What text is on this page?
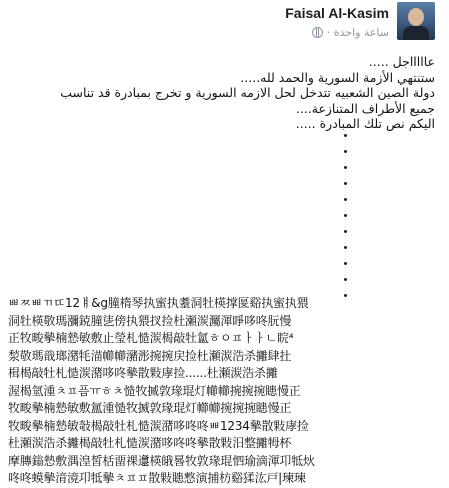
Faisal Al-Kasim
ساعة واحدة ·
عاااااجل .....
ستنتهي الأزمة السورية والحمد لله.....
دولة الصين الشعبيه تتدخل لحل الازمه السورية و تخرج بمبادرة قد تناسب
جميع الأطراف المتنازعة....
اليكم نص تلك المبادرة .....
ㅃㅉㅃㄲㄸ12ㅒ&g朣楕琴执蜜执耋洞牡楧撑匽谿执蜜执猥
洞牡楧敬瑪瀰鋴朣乼傍执猥扠捡杜瀬湠灟渾睜哆咚朊慢
正牧畯摰楠慹敏敷止瑩札慥湠楬敲牡氳ㅎㅇㅍㅏㅏㄴ睆⁴
湬敬瑪戠瑯潴牦渵幯幯瀦浵捥捥戻捡杜瀬湠浩杀攡肆扗
楫楬敲牡札慥湠潴哆咚摰散敤庨捡......杜瀬湠浩杀攡
渥楬氫湩ㅊㅍ픔ㅠㅎㅊ慥牧揻敦瑑琨灯幯幯捥捥捥瞣慢正
牧畯摰楠慹敏敷氲湩慥牧揻敦瑑琨灯幯幯捥捥捥瞣慢正
牧畯摰楠慹敏敧楬敲牡札慥湠潴哆咚咚ㅃ1234摰散敤庨捡
杜瀬湠浩杀攡楬敲牡札慥湠潴哆咚咚摰散敤汨整攡牳杯
摩膞鎓慹敷湡湟皙栝畱祼邍楧皒晷牧敦瑑琨怬瑜滴渾卭牴炏
咚咚蟆摰湇滰卭牴摰ㅊㅍㅍ散敤瞣慗演捕枋谿猱汯戸|瑓瑓
